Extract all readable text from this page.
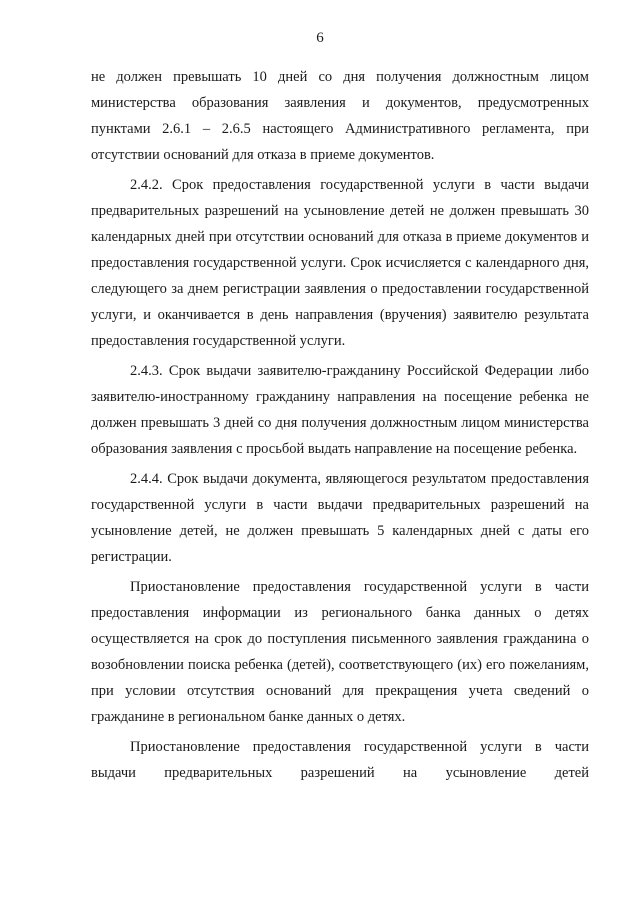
6

не должен превышать 10 дней со дня получения должностным лицом министерства образования заявления и документов, предусмотренных пунктами 2.6.1 – 2.6.5 настоящего Административного регламента, при отсутствии оснований для отказа в приеме документов.

2.4.2. Срок предоставления государственной услуги в части выдачи предварительных разрешений на усыновление детей не должен превышать 30 календарных дней при отсутствии оснований для отказа в приеме документов и предоставления государственной услуги. Срок исчисляется с календарного дня, следующего за днем регистрации заявления о предоставлении государственной услуги, и оканчивается в день направления (вручения) заявителю результата предоставления государственной услуги.

2.4.3. Срок выдачи заявителю-гражданину Российской Федерации либо заявителю-иностранному гражданину направления на посещение ребенка не должен превышать 3 дней со дня получения должностным лицом министерства образования заявления с просьбой выдать направление на посещение ребенка.

2.4.4. Срок выдачи документа, являющегося результатом предоставления государственной услуги в части выдачи предварительных разрешений на усыновление детей, не должен превышать 5 календарных дней с даты его регистрации.

Приостановление предоставления государственной услуги в части предоставления информации из регионального банка данных о детях осуществляется на срок до поступления письменного заявления гражданина о возобновлении поиска ребенка (детей), соответствующего (их) его пожеланиям, при условии отсутствия оснований для прекращения учета сведений о гражданине в региональном банке данных о детях.

Приостановление предоставления государственной услуги в части выдачи предварительных разрешений на усыновление детей
